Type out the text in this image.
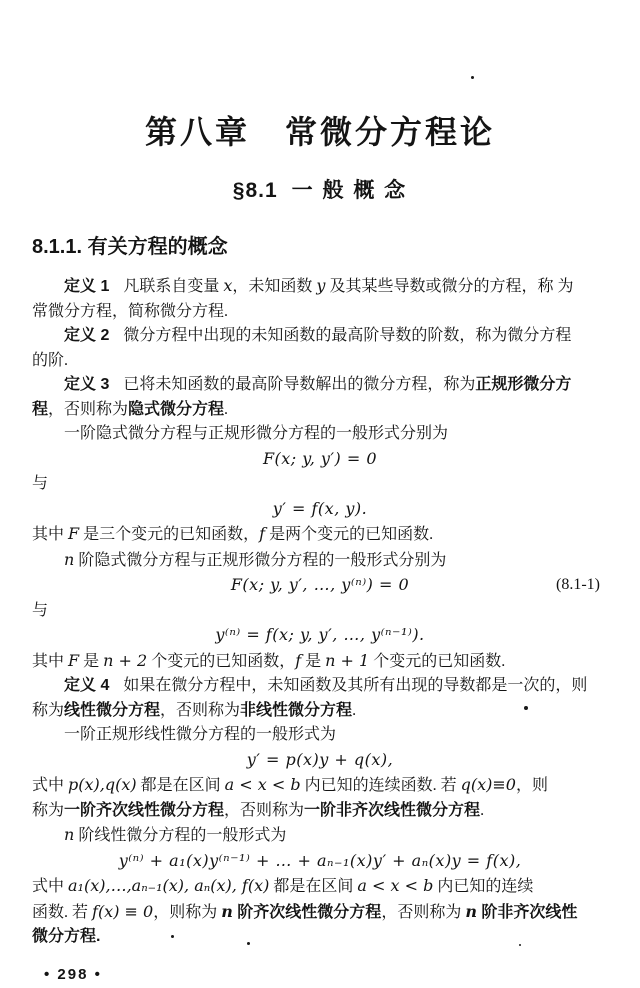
第八章　常微分方程论
§8.1 一 般 概 念
8.1.1. 有关方程的概念

定义 1 凡联系自变量 x，未知函数 y 及其某些导数或微分的方程，称 为

常微分方程，简称微分方程.

定义 2 微分方程中出现的未知函数的最高阶导数的阶数，称为微分方程

的阶.

定义 3 已将未知函数的最高阶导数解出的微分方程，称为正规形微分方

程，否则称为隐式微分方程.

一阶隐式微分方程与正规形微分方程的一般形式分别为

F(x; y, y′) = 0

与

y′ = f(x, y).

其中 F 是三个变元的已知函数，f 是两个变元的已知函数.

n 阶隐式微分方程与正规形微分方程的一般形式分别为

F(x; y, y′, …, y⁽ⁿ⁾) = 0	(8.1-1)

与

y⁽ⁿ⁾ = f(x; y, y′, …, y⁽ⁿ⁻¹⁾).

其中 F 是 n + 2 个变元的已知函数，f 是 n + 1 个变元的已知函数.

定义 4 如果在微分方程中，未知函数及其所有出现的导数都是一次的，则

称为线性微分方程，否则称为非线性微分方程.

一阶正规形线性微分方程的一般形式为

y′ = p(x)y + q(x),

式中 p(x),q(x) 都是在区间 a < x < b 内已知的连续函数. 若 q(x)≡0，则

称为一阶齐次线性微分方程，否则称为一阶非齐次线性微分方程.

n 阶线性微分方程的一般形式为

y⁽ⁿ⁾ + a₁(x)y⁽ⁿ⁻¹⁾ + … + aₙ₋₁(x)y′ + aₙ(x)y = f(x),

式中 a₁(x),…,aₙ₋₁(x), aₙ(x), f(x) 都是在区间 a < x < b 内已知的连续

函数. 若 f(x) ≡ 0，则称为 n 阶齐次线性微分方程，否则称为 n 阶非齐次线性

微分方程.

• 298 •
